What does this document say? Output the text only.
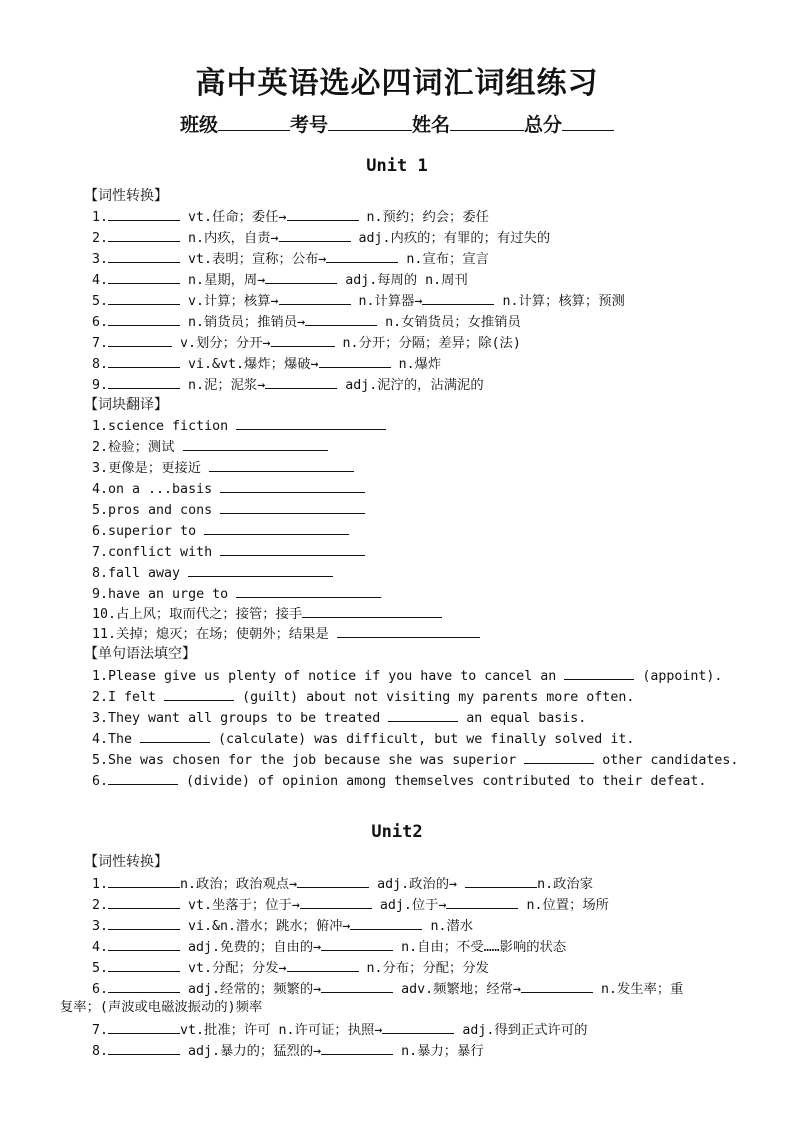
高中英语选必四词汇词组练习
班级	考号	姓名	总分
Unit 1
【词性转换】
1.	vt.任命；委任→	n.预约；约会；委任
2.	n.内疚，自责→	adj.内疚的；有罪的；有过失的
3.	vt.表明；宣称；公布→	n.宣布；宣言
4.	n.星期，周→	adj.每周的 n.周刊
5.	v.计算；核算→	n.计算器→	n.计算；核算；预测
6.	n.销货员；推销员→	n.女销货员；女推销员
7.	v.划分；分开→	n.分开；分隔；差异；除(法)
8.	vi.&vt.爆炸；爆破→	n.爆炸
9.	n.泥；泥浆→	adj.泥泞的，沾满泥的
【词块翻译】
1.science fiction
2.检验；测试
3.更像是；更接近
4.on a ...basis
5.pros and cons
6.superior to
7.conflict with
8.fall away
9.have an urge to
10.占上风；取而代之；接管；接手
11.关掉；熄灭；在场；使朝外；结果是
【单句语法填空】
1.Please give us plenty of notice if you have to cancel an	(appoint).
2.I felt	(guilt) about not visiting my parents more often.
3.They want all groups to be treated	an equal basis.
4.The	(calculate) was difficult, but we finally solved it.
5.She was chosen for the job because she was superior	other candidates.
6.	(divide) of opinion among themselves contributed to their defeat.
Unit2
【词性转换】
1.	n.政治；政治观点→	adj.政治的→	n.政治家
2.	vt.坐落于；位于→	adj.位于→	n.位置；场所
3.	vi.&n.潜水；跳水；俯冲→	n.潜水
4.	adj.免费的；自由的→	n.自由；不受……影响的状态
5.	vt.分配；分发→	n.分布；分配；分发
6.	adj.经常的；频繁的→	adv.频繁地；经常→	n.发生率；重
复率；(声波或电磁波振动的)频率
7.	vt.批准；许可 n.许可证；执照→	adj.得到正式许可的
8.	adj.暴力的；猛烈的→	n.暴力；暴行
